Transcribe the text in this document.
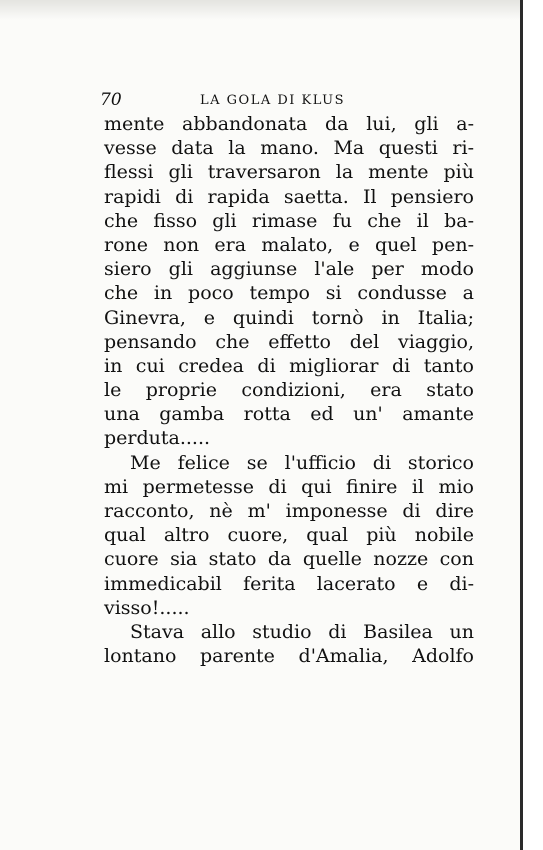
70	LA GOLA DI KLUS
mente abbandonata da lui, gli a-
vesse data la mano. Ma questi ri-
flessi gli traversaron la mente più
rapidi di rapida saetta. Il pensiero
che fisso gli rimase fu che il ba-
rone non era malato, e quel pen-
siero gli aggiunse l'ale per modo
che in poco tempo si condusse a
Ginevra, e quindi tornò in Italia;
pensando che effetto del viaggio,
in cui credea di migliorar di tanto
le proprie condizioni, era stato
una gamba rotta ed un' amante
perduta.....
Me felice se l'ufficio di storico
mi permetesse di qui finire il mio
racconto, nè m' imponesse di dire
qual altro cuore, qual più nobile
cuore sia stato da quelle nozze con
immedicabil ferita lacerato e di-
visso!.....
Stava allo studio di Basilea un
lontano parente d'Amalia, Adolfo
